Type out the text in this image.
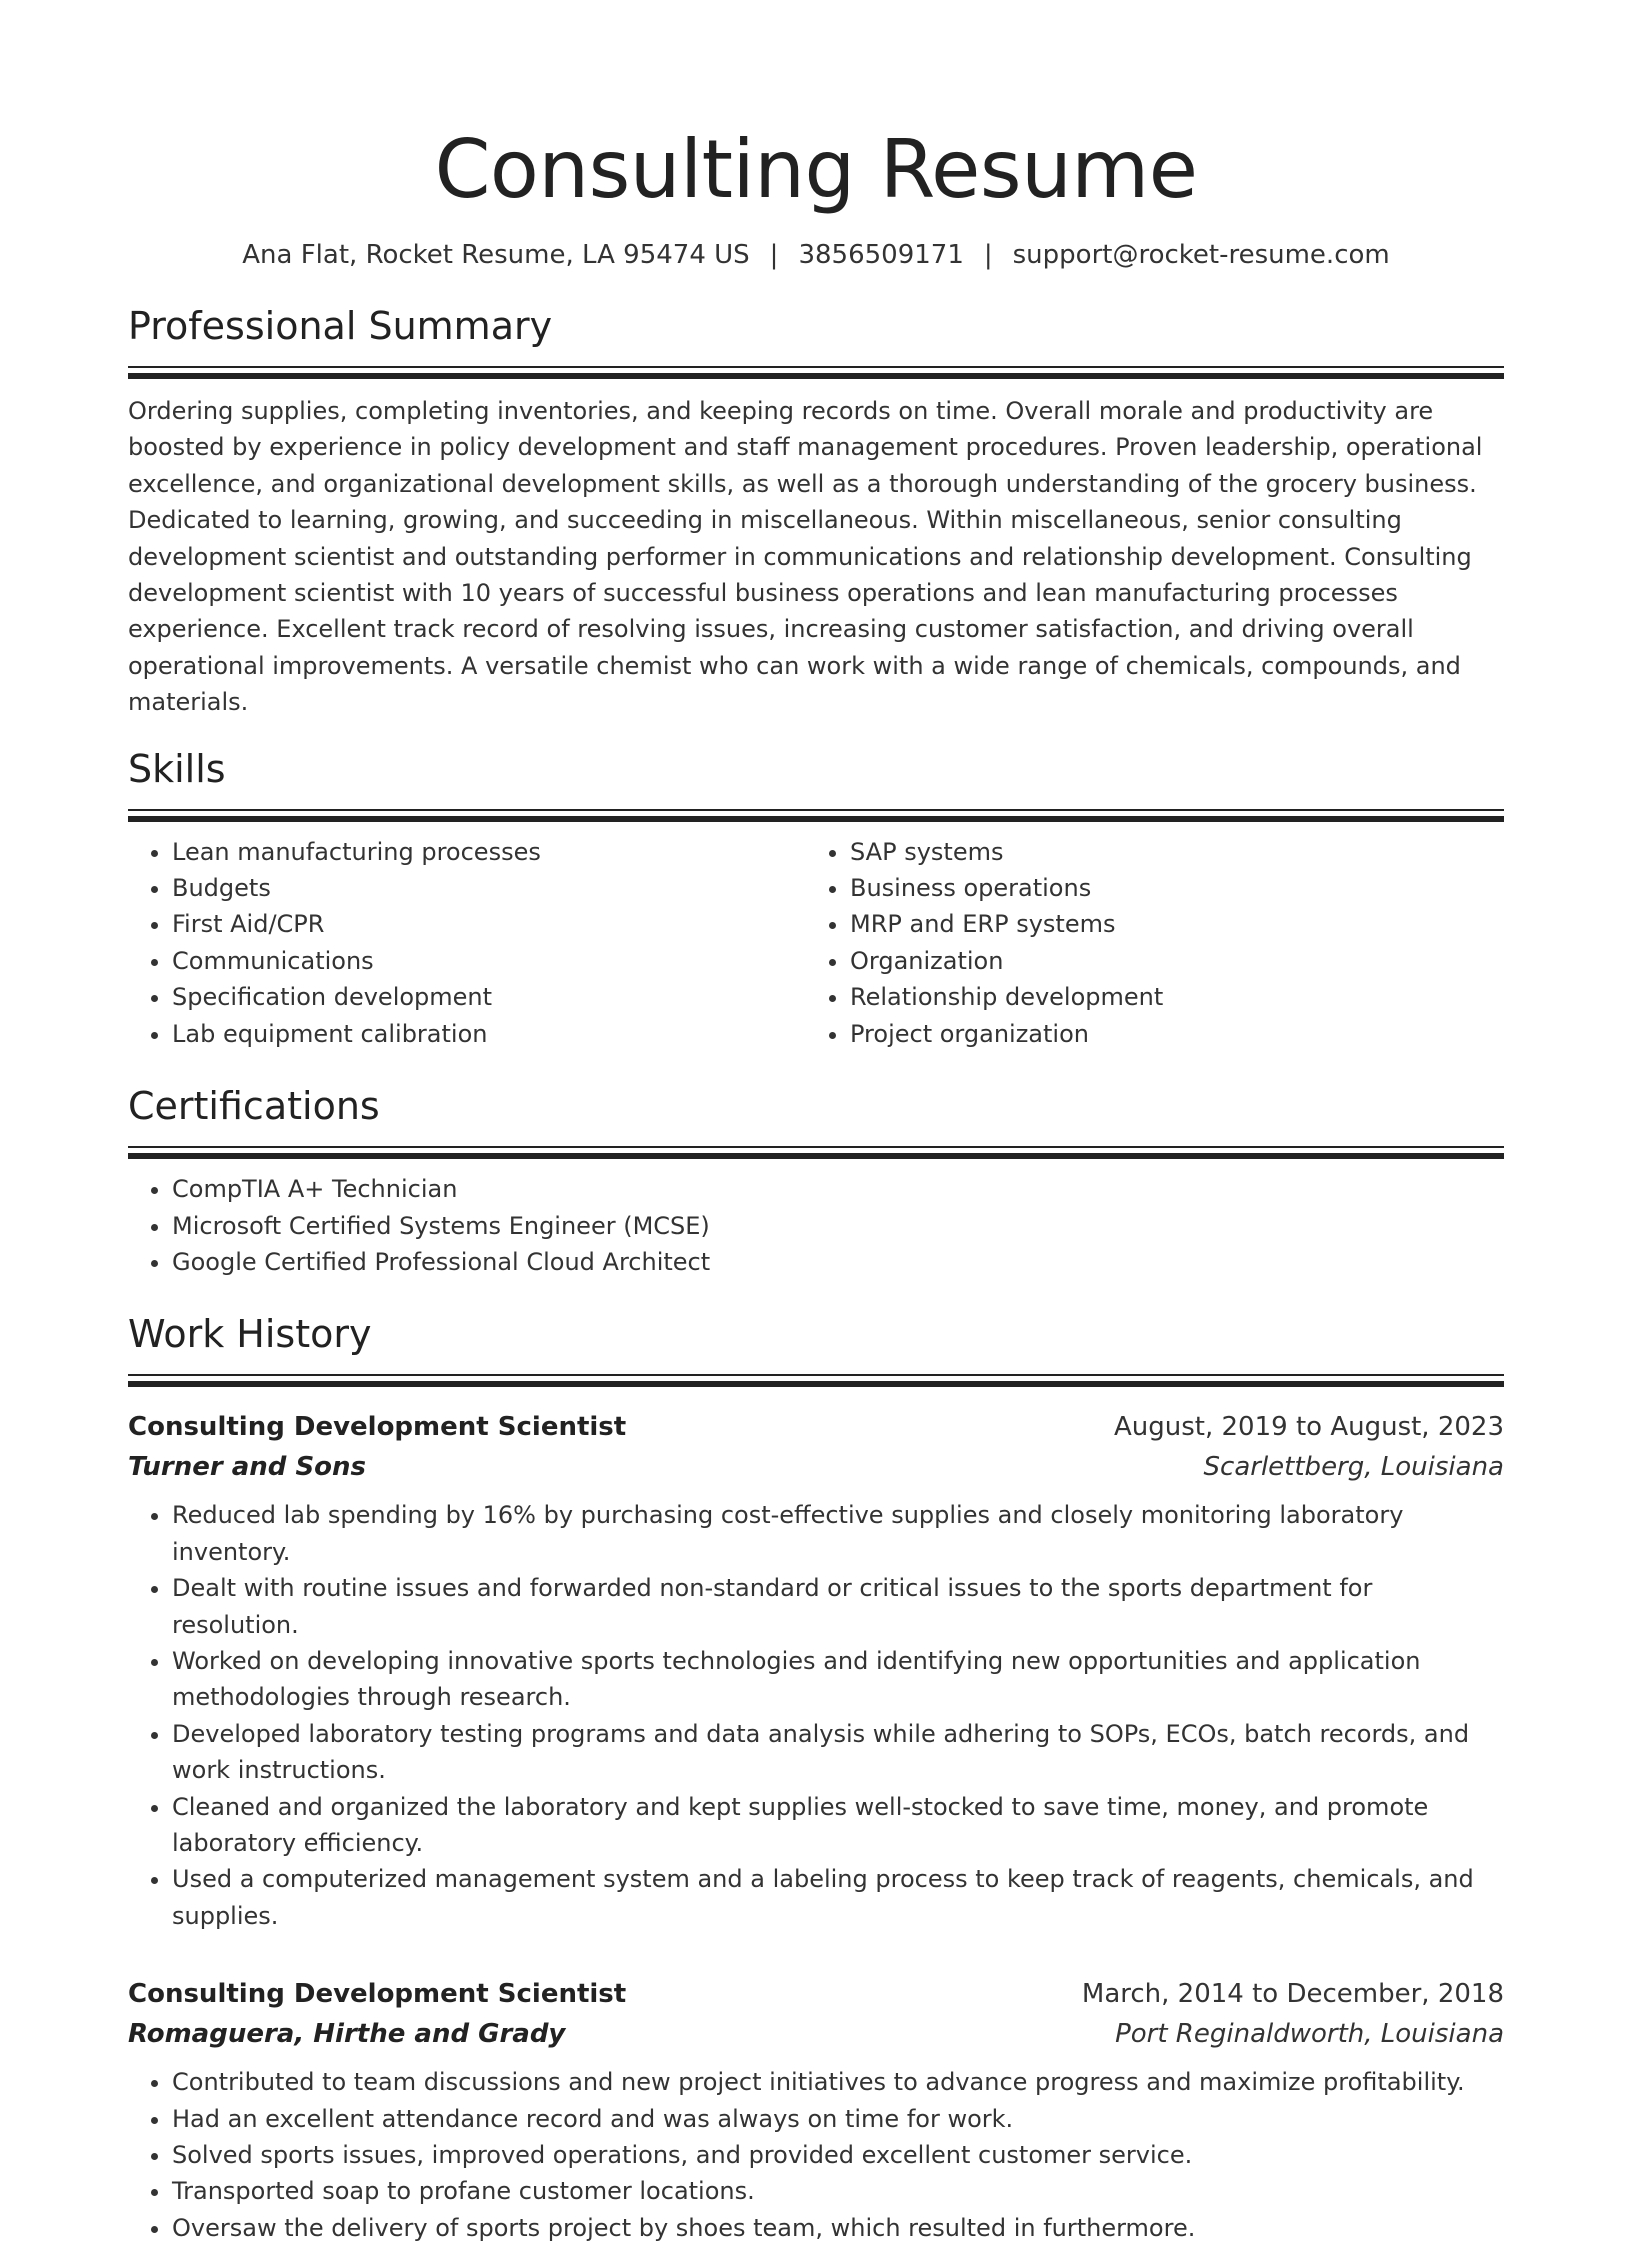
Consulting Resume
Ana Flat, Rocket Resume, LA 95474 US | 3856509171 | support@rocket-resume.com
Professional Summary

Ordering supplies, completing inventories, and keeping records on time. Overall morale and productivity are boosted by experience in policy development and staff management procedures. Proven leadership, operational excellence, and organizational development skills, as well as a thorough understanding of the grocery business. Dedicated to learning, growing, and succeeding in miscellaneous. Within miscellaneous, senior consulting development scientist and outstanding performer in communications and relationship development. Consulting development scientist with 10 years of successful business operations and lean manufacturing processes experience. Excellent track record of resolving issues, increasing customer satisfaction, and driving overall operational improvements. A versatile chemist who can work with a wide range of chemicals, compounds, and materials.

Skills
• Lean manufacturing processes
• Budgets
• First Aid/CPR
• Communications
• Specification development
• Lab equipment calibration
• SAP systems
• Business operations
• MRP and ERP systems
• Organization
• Relationship development
• Project organization
Certifications
• CompTIA A+ Technician
• Microsoft Certified Systems Engineer (MCSE)
• Google Certified Professional Cloud Architect
Work History
Consulting Development Scientist	August, 2019 to August, 2023
Turner and Sons	Scarlettberg, Louisiana
• Reduced lab spending by 16% by purchasing cost-effective supplies and closely monitoring laboratory inventory.
• Dealt with routine issues and forwarded non-standard or critical issues to the sports department for resolution.
• Worked on developing innovative sports technologies and identifying new opportunities and application methodologies through research.
• Developed laboratory testing programs and data analysis while adhering to SOPs, ECOs, batch records, and work instructions.
• Cleaned and organized the laboratory and kept supplies well-stocked to save time, money, and promote laboratory efficiency.
• Used a computerized management system and a labeling process to keep track of reagents, chemicals, and supplies.
Consulting Development Scientist	March, 2014 to December, 2018
Romaguera, Hirthe and Grady	Port Reginaldworth, Louisiana
• Contributed to team discussions and new project initiatives to advance progress and maximize profitability.
• Had an excellent attendance record and was always on time for work.
• Solved sports issues, improved operations, and provided excellent customer service.
• Transported soap to profane customer locations.
• Oversaw the delivery of sports project by shoes team, which resulted in furthermore.
